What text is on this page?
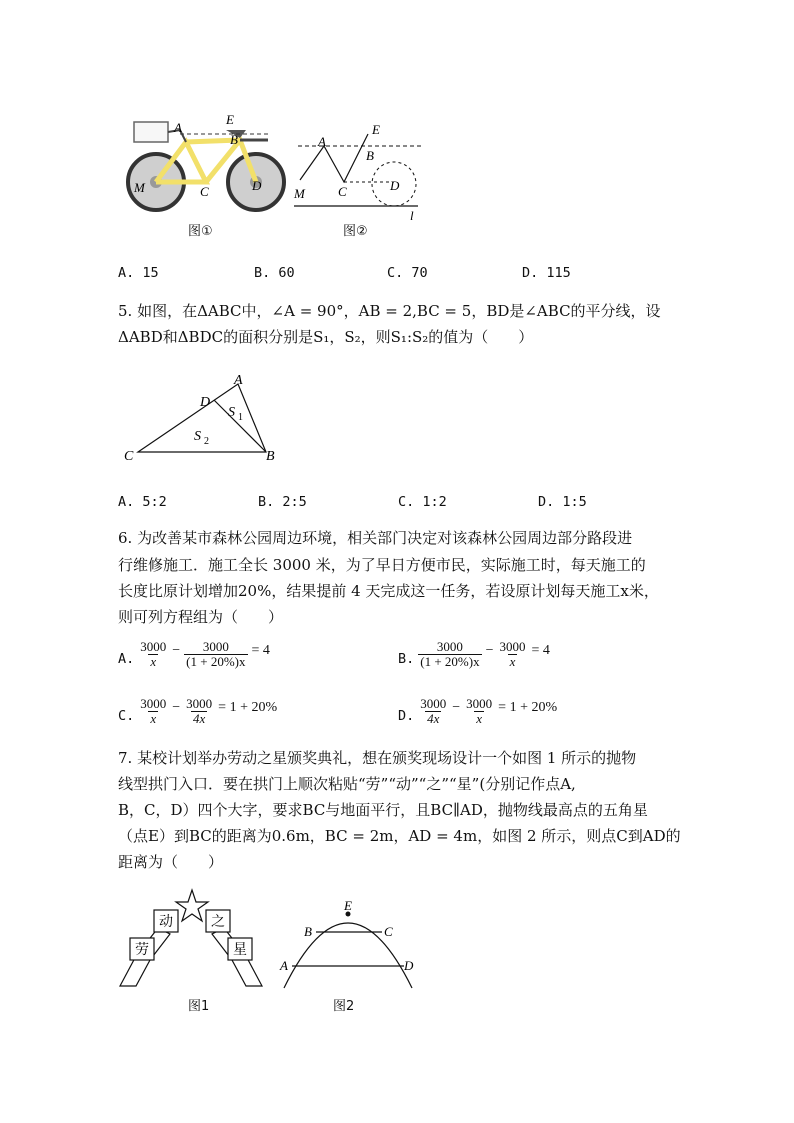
E
A
B
M	C	D
A
E
B
M	C	D
l
图①	图②
A. 15	B. 60	C. 70	D. 115
5. 如图，在ΔABC中，∠A = 90°，AB = 2,BC = 5，BD是∠ABC的平分线，设
ΔABD和ΔBDC的面积分别是S₁，S₂，则S₁:S₂的值为（　　）
A
D
S 1
S 2
C	B
A. 5:2	B. 2:5	C. 1:2	D. 1:5
6. 为改善某市森林公园周边环境，相关部门决定对该森林公园周边部分路段进
行维修施工．施工全长 3000 米，为了早日方便市民，实际施工时，每天施工的
长度比原计划增加20%，结果提前 4 天完成这一任务，若设原计划每天施工x米，
则可列方程组为（　　）
A. $\frac{3000}{x} - \frac{3000}{(1 + 20\%)x} = 4$
B. $\frac{3000}{(1 + 20\%)x} - \frac{3000}{x} = 4$
C. $\frac{3000}{x} - \frac{3000}{4x} = 1 + 20\%$
D. $\frac{3000}{4x} - \frac{3000}{x} = 1 + 20\%$
7. 某校计划举办劳动之星颁奖典礼，想在颁奖现场设计一个如图 1 所示的抛物
线型拱门入口．要在拱门上顺次粘贴“劳”“动”“之”“星”(分别记作点A,
B，C，D）四个大字，要求BC与地面平行，且BC∥AD，抛物线最高点的五角星
（点E）到BC的距离为0.6m，BC = 2m，AD = 4m，如图 2 所示，则点C到AD的
距离为（　　）
劳
动	之
星
E
B	C
A	D
图1	图2
